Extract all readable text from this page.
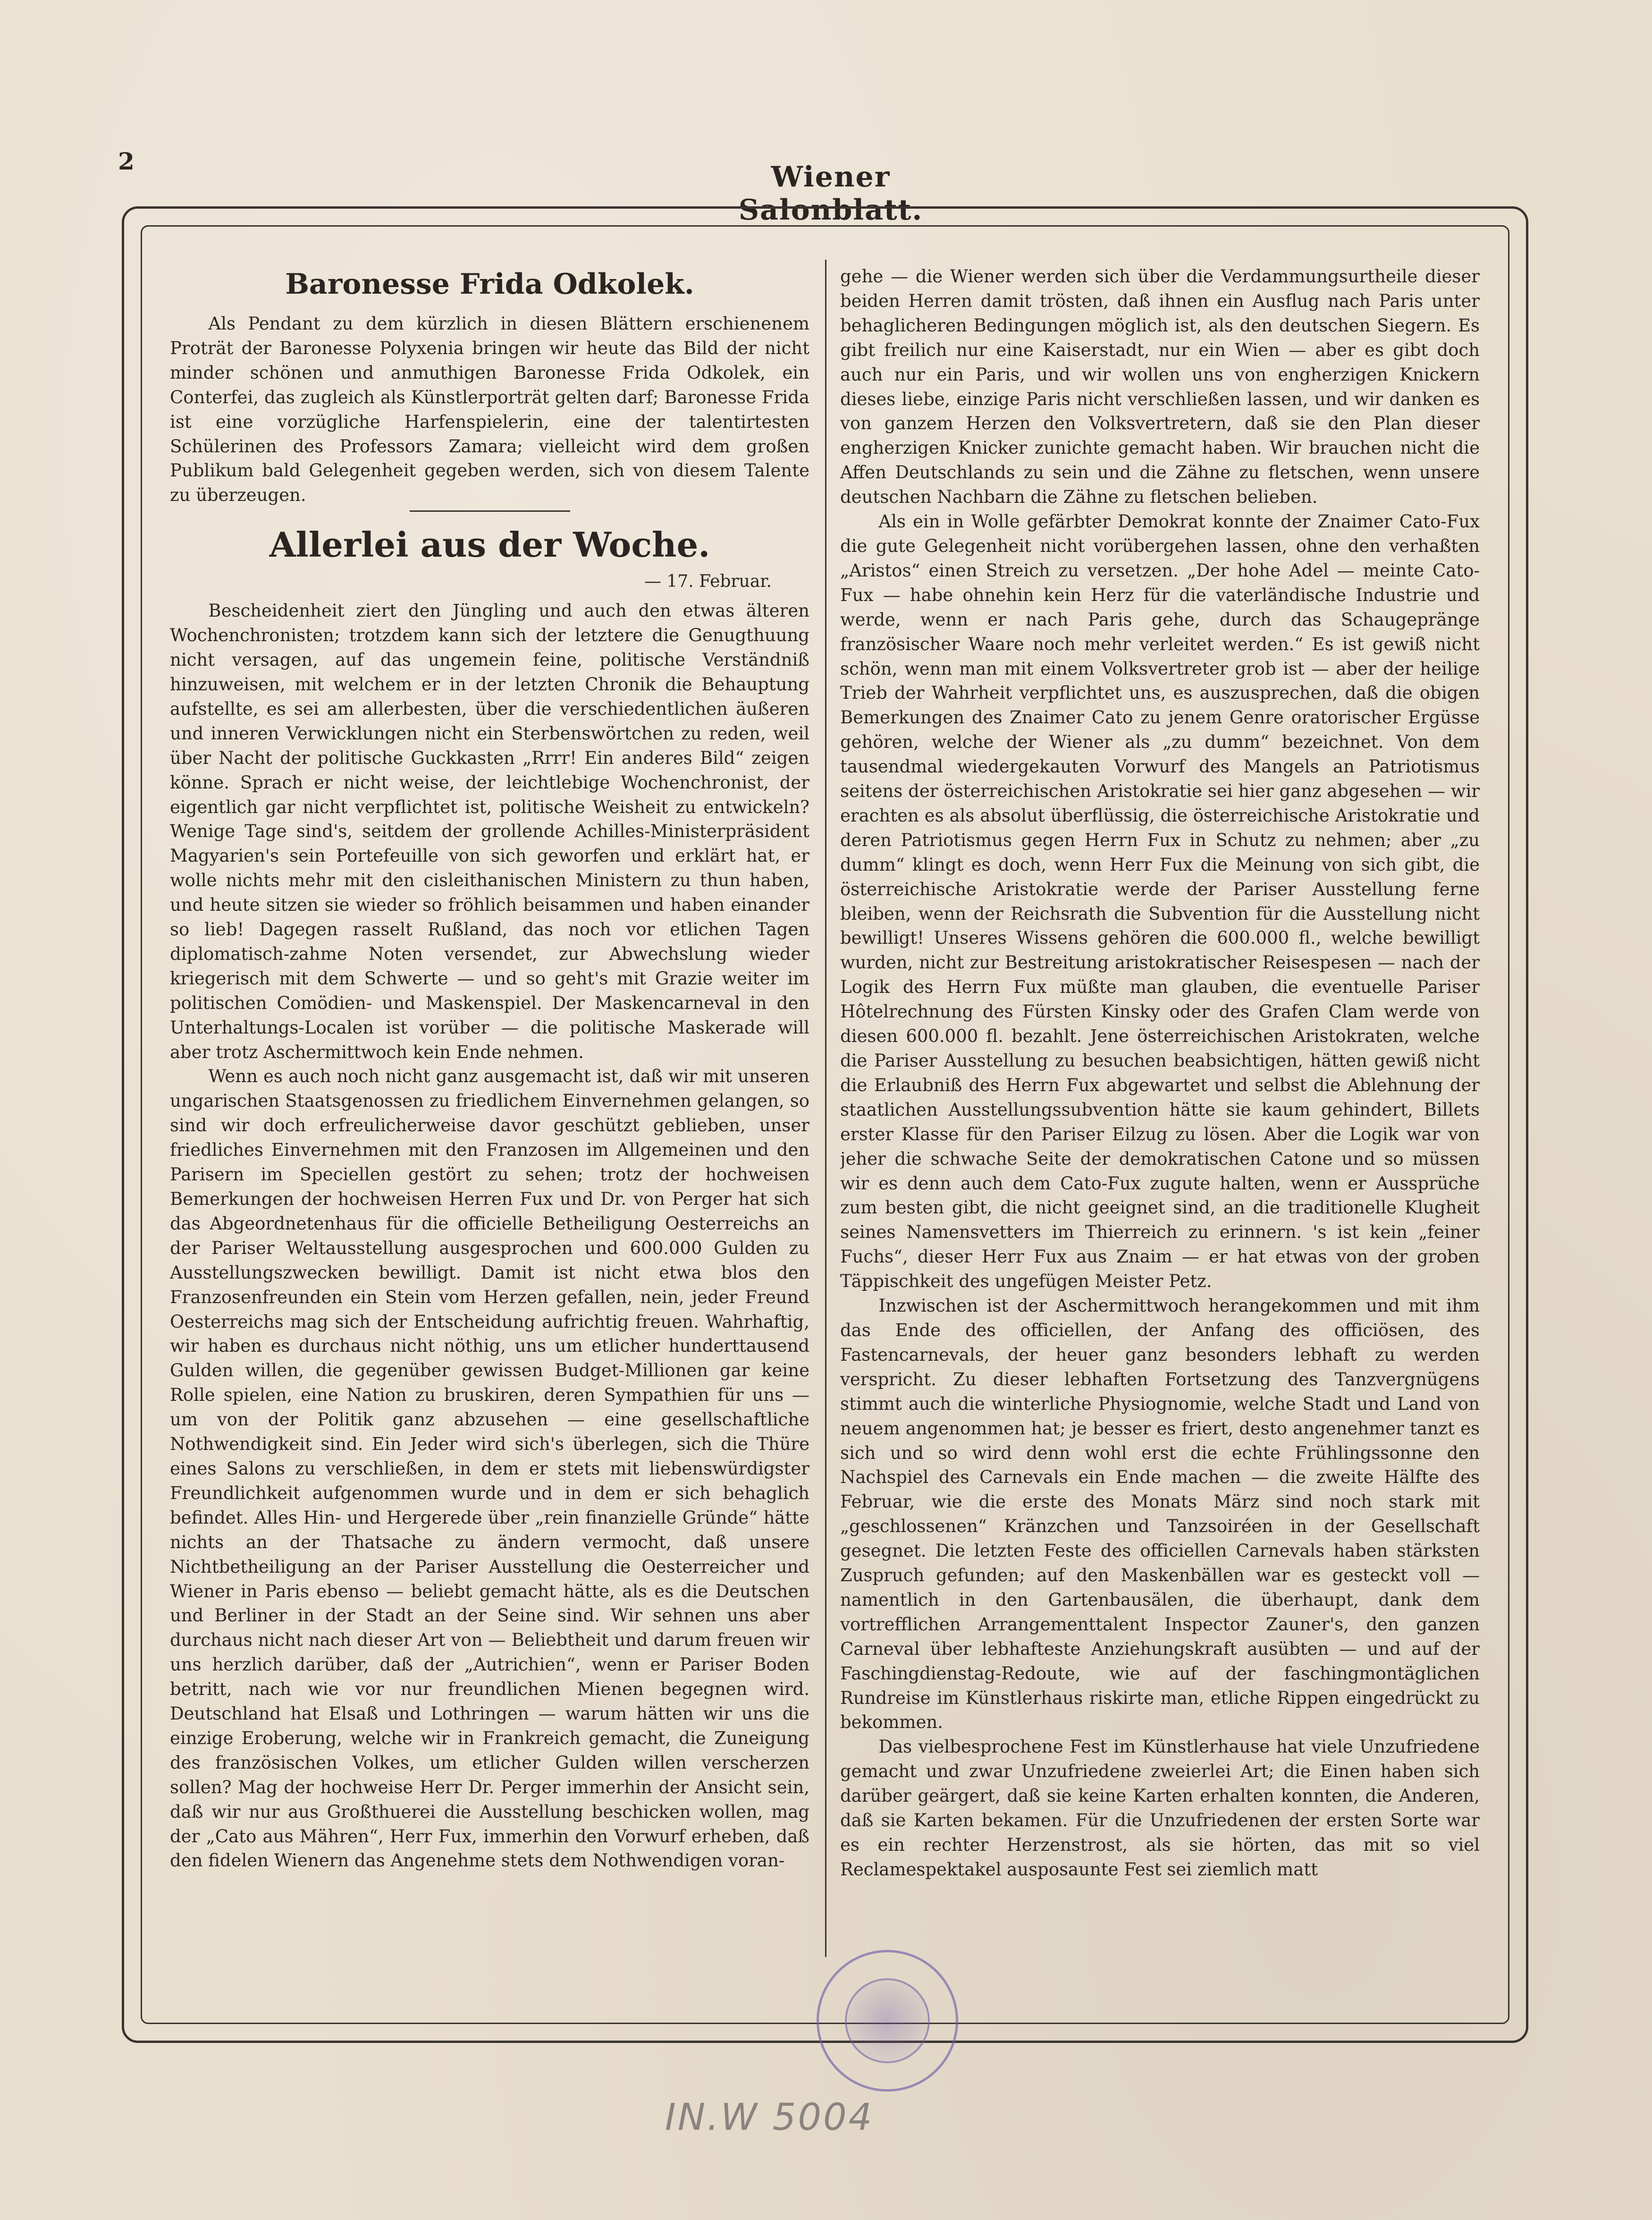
2	Wiener Salonblatt.
Baronesse Frida Odkolek.

Als Pendant zu dem kürzlich in diesen Blättern erschienenem Proträt der Baronesse Polyxenia bringen wir heute das Bild der nicht minder schönen und anmuthigen Baronesse Frida Odkolek, ein Conterfei, das zugleich als Künstlerporträt gelten darf; Baronesse Frida ist eine vorzügliche Harfenspielerin, eine der talentirtesten Schülerinen des Professors Zamara; vielleicht wird dem großen Publikum bald Gelegenheit gegeben werden, sich von diesem Talente zu überzeugen.

Allerlei aus der Woche.
— 17. Februar.

Bescheidenheit ziert den Jüngling und auch den etwas älteren Wochenchronisten; trotzdem kann sich der letztere die Genugthuung nicht versagen, auf das ungemein feine, politische Verständniß hinzuweisen, mit welchem er in der letzten Chronik die Behauptung aufstellte, es sei am allerbesten, über die verschiedentlichen äußeren und inneren Verwicklungen nicht ein Sterbenswörtchen zu reden, weil über Nacht der politische Guckkasten „Rrrr! Ein anderes Bild“ zeigen könne. Sprach er nicht weise, der leichtlebige Wochenchronist, der eigentlich gar nicht verpflichtet ist, politische Weisheit zu entwickeln? Wenige Tage sind's, seitdem der grollende Achilles-Ministerpräsident Magyarien's sein Portefeuille von sich geworfen und erklärt hat, er wolle nichts mehr mit den cisleithanischen Ministern zu thun haben, und heute sitzen sie wieder so fröhlich beisammen und haben einander so lieb! Dagegen rasselt Rußland, das noch vor etlichen Tagen diplomatisch-zahme Noten versendet, zur Abwechslung wieder kriegerisch mit dem Schwerte — und so geht's mit Grazie weiter im politischen Comödien- und Maskenspiel. Der Maskencarneval in den Unterhaltungs-Localen ist vorüber — die politische Maskerade will aber trotz Aschermittwoch kein Ende nehmen.

Wenn es auch noch nicht ganz ausgemacht ist, daß wir mit unseren ungarischen Staatsgenossen zu friedlichem Einvernehmen gelangen, so sind wir doch erfreulicherweise davor geschützt geblieben, unser friedliches Einvernehmen mit den Franzosen im Allgemeinen und den Parisern im Speciellen gestört zu sehen; trotz der hochweisen Bemerkungen der hochweisen Herren Fux und Dr. von Perger hat sich das Abgeordnetenhaus für die officielle Betheiligung Oesterreichs an der Pariser Weltausstellung ausgesprochen und 600.000 Gulden zu Ausstellungszwecken bewilligt. Damit ist nicht etwa blos den Franzosenfreunden ein Stein vom Herzen gefallen, nein, jeder Freund Oesterreichs mag sich der Entscheidung aufrichtig freuen. Wahrhaftig, wir haben es durchaus nicht nöthig, uns um etlicher hunderttausend Gulden willen, die gegenüber gewissen Budget-Millionen gar keine Rolle spielen, eine Nation zu bruskiren, deren Sympathien für uns — um von der Politik ganz abzusehen — eine gesellschaftliche Nothwendigkeit sind. Ein Jeder wird sich's überlegen, sich die Thüre eines Salons zu verschließen, in dem er stets mit liebenswürdigster Freundlichkeit aufgenommen wurde und in dem er sich behaglich befindet. Alles Hin- und Hergerede über „rein finanzielle Gründe“ hätte nichts an der Thatsache zu ändern vermocht, daß unsere Nichtbetheiligung an der Pariser Ausstellung die Oesterreicher und Wiener in Paris ebenso — beliebt gemacht hätte, als es die Deutschen und Berliner in der Stadt an der Seine sind. Wir sehnen uns aber durchaus nicht nach dieser Art von — Beliebtheit und darum freuen wir uns herzlich darüber, daß der „Autrichien“, wenn er Pariser Boden betritt, nach wie vor nur freundlichen Mienen begegnen wird. Deutschland hat Elsaß und Lothringen — warum hätten wir uns die einzige Eroberung, welche wir in Frankreich gemacht, die Zuneigung des französischen Volkes, um etlicher Gulden willen verscherzen sollen? Mag der hochweise Herr Dr. Perger immerhin der Ansicht sein, daß wir nur aus Großthuerei die Ausstellung beschicken wollen, mag der „Cato aus Mähren“, Herr Fux, immerhin den Vorwurf erheben, daß den fidelen Wienern das Angenehme stets dem Nothwendigen voran-

gehe — die Wiener werden sich über die Verdammungsurtheile dieser beiden Herren damit trösten, daß ihnen ein Ausflug nach Paris unter behaglicheren Bedingungen möglich ist, als den deutschen Siegern. Es gibt freilich nur eine Kaiserstadt, nur ein Wien — aber es gibt doch auch nur ein Paris, und wir wollen uns von engherzigen Knickern dieses liebe, einzige Paris nicht verschließen lassen, und wir danken es von ganzem Herzen den Volksvertretern, daß sie den Plan dieser engherzigen Knicker zunichte gemacht haben. Wir brauchen nicht die Affen Deutschlands zu sein und die Zähne zu fletschen, wenn unsere deutschen Nachbarn die Zähne zu fletschen belieben.

Als ein in Wolle gefärbter Demokrat konnte der Znaimer Cato-Fux die gute Gelegenheit nicht vorübergehen lassen, ohne den verhaßten „Aristos“ einen Streich zu versetzen. „Der hohe Adel — meinte Cato-Fux — habe ohnehin kein Herz für die vaterländische Industrie und werde, wenn er nach Paris gehe, durch das Schaugepränge französischer Waare noch mehr verleitet werden.“ Es ist gewiß nicht schön, wenn man mit einem Volksvertreter grob ist — aber der heilige Trieb der Wahrheit verpflichtet uns, es auszusprechen, daß die obigen Bemerkungen des Znaimer Cato zu jenem Genre oratorischer Ergüsse gehören, welche der Wiener als „zu dumm“ bezeichnet. Von dem tausendmal wiedergekauten Vorwurf des Mangels an Patriotismus seitens der österreichischen Aristokratie sei hier ganz abgesehen — wir erachten es als absolut überflüssig, die österreichische Aristokratie und deren Patriotismus gegen Herrn Fux in Schutz zu nehmen; aber „zu dumm“ klingt es doch, wenn Herr Fux die Meinung von sich gibt, die österreichische Aristokratie werde der Pariser Ausstellung ferne bleiben, wenn der Reichsrath die Subvention für die Ausstellung nicht bewilligt! Unseres Wissens gehören die 600.000 fl., welche bewilligt wurden, nicht zur Bestreitung aristokratischer Reisespesen — nach der Logik des Herrn Fux müßte man glauben, die eventuelle Pariser Hôtelrechnung des Fürsten Kinsky oder des Grafen Clam werde von diesen 600.000 fl. bezahlt. Jene österreichischen Aristokraten, welche die Pariser Ausstellung zu besuchen beabsichtigen, hätten gewiß nicht die Erlaubniß des Herrn Fux abgewartet und selbst die Ablehnung der staatlichen Ausstellungssubvention hätte sie kaum gehindert, Billets erster Klasse für den Pariser Eilzug zu lösen. Aber die Logik war von jeher die schwache Seite der demokratischen Catone und so müssen wir es denn auch dem Cato-Fux zugute halten, wenn er Aussprüche zum besten gibt, die nicht geeignet sind, an die traditionelle Klugheit seines Namensvetters im Thierreich zu erinnern. 's ist kein „feiner Fuchs“, dieser Herr Fux aus Znaim — er hat etwas von der groben Täppischkeit des ungefügen Meister Petz.

Inzwischen ist der Aschermittwoch herangekommen und mit ihm das Ende des officiellen, der Anfang des officiösen, des Fastencarnevals, der heuer ganz besonders lebhaft zu werden verspricht. Zu dieser lebhaften Fortsetzung des Tanzvergnügens stimmt auch die winterliche Physiognomie, welche Stadt und Land von neuem angenommen hat; je besser es friert, desto angenehmer tanzt es sich und so wird denn wohl erst die echte Frühlingssonne den Nachspiel des Carnevals ein Ende machen — die zweite Hälfte des Februar, wie die erste des Monats März sind noch stark mit „geschlossenen“ Kränzchen und Tanzsoiréen in der Gesellschaft gesegnet. Die letzten Feste des officiellen Carnevals haben stärksten Zuspruch gefunden; auf den Maskenbällen war es gesteckt voll — namentlich in den Gartenbausälen, die überhaupt, dank dem vortrefflichen Arrangementtalent Inspector Zauner's, den ganzen Carneval über lebhafteste Anziehungskraft ausübten — und auf der Faschingdienstag-Redoute, wie auf der faschingmontäglichen Rundreise im Künstlerhaus riskirte man, etliche Rippen eingedrückt zu bekommen.

Das vielbesprochene Fest im Künstlerhause hat viele Unzufriedene gemacht und zwar Unzufriedene zweierlei Art; die Einen haben sich darüber geärgert, daß sie keine Karten erhalten konnten, die Anderen, daß sie Karten bekamen. Für die Unzufriedenen der ersten Sorte war es ein rechter Herzenstrost, als sie hörten, das mit so viel Reclamespektakel ausposaunte Fest sei ziemlich matt

IN.W 5004
